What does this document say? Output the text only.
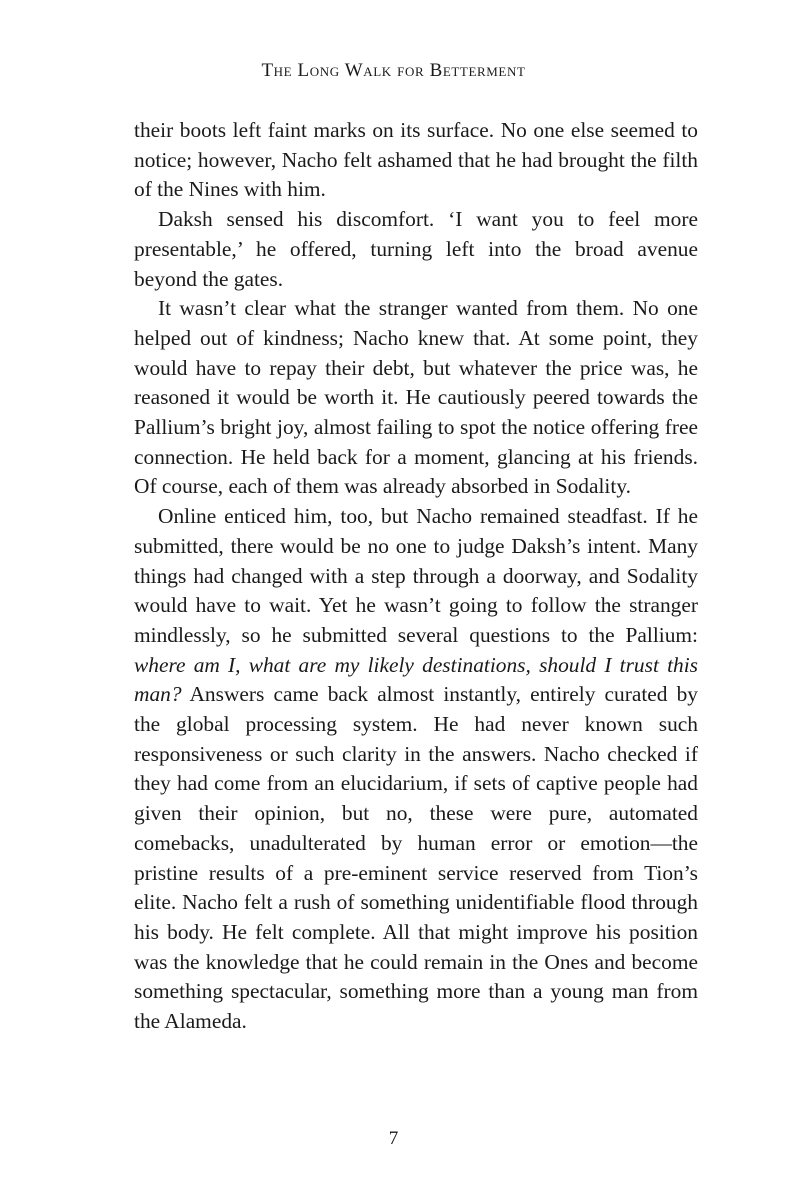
The Long Walk for Betterment

their boots left faint marks on its surface. No one else seemed to notice; however, Nacho felt ashamed that he had brought the filth of the Nines with him.

Daksh sensed his discomfort. ‘I want you to feel more presentable,’ he offered, turning left into the broad avenue beyond the gates.

It wasn’t clear what the stranger wanted from them. No one helped out of kindness; Nacho knew that. At some point, they would have to repay their debt, but whatever the price was, he reasoned it would be worth it. He cautiously peered towards the Pallium’s bright joy, almost failing to spot the notice offering free connection. He held back for a moment, glancing at his friends. Of course, each of them was already absorbed in Sodality.

Online enticed him, too, but Nacho remained steadfast. If he submitted, there would be no one to judge Daksh’s intent. Many things had changed with a step through a doorway, and Sodality would have to wait. Yet he wasn’t going to follow the stranger mindlessly, so he submitted several questions to the Pallium: where am I, what are my likely destinations, should I trust this man? Answers came back almost instantly, entirely curated by the global processing system. He had never known such responsiveness or such clarity in the answers. Nacho checked if they had come from an elucidarium, if sets of captive people had given their opinion, but no, these were pure, automated comebacks, unadulterated by human error or emotion—the pristine results of a pre-eminent service reserved from Tion’s elite. Nacho felt a rush of something unidentifiable flood through his body. He felt complete. All that might improve his position was the knowledge that he could remain in the Ones and become something spectacular, something more than a young man from the Alameda.

7
